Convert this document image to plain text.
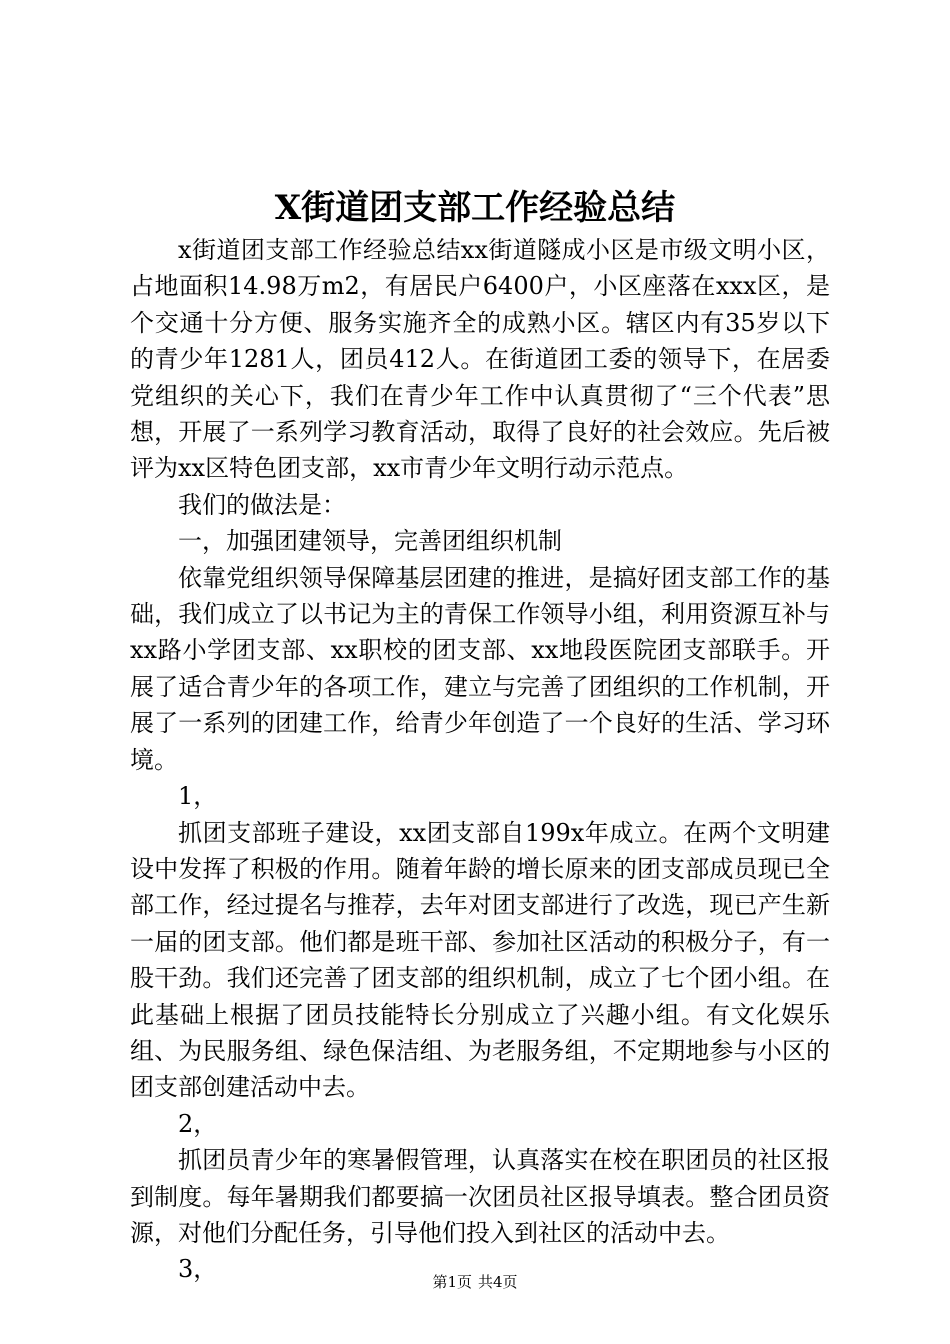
X街道团支部工作经验总结

x街道团支部工作经验总结xx街道隧成小区是市级文明小区，占地面积14.98万m2，有居民户6400户，小区座落在xxx区，是个交通十分方便、服务实施齐全的成熟小区。辖区内有35岁以下的青少年1281人，团员412人。在街道团工委的领导下，在居委党组织的关心下，我们在青少年工作中认真贯彻了“三个代表”思想，开展了一系列学习教育活动，取得了良好的社会效应。先后被评为xx区特色团支部，xx市青少年文明行动示范点。

我们的做法是：

一，加强团建领导，完善团组织机制

依靠党组织领导保障基层团建的推进，是搞好团支部工作的基础，我们成立了以书记为主的青保工作领导小组，利用资源互补与xx路小学团支部、xx职校的团支部、xx地段医院团支部联手。开展了适合青少年的各项工作，建立与完善了团组织的工作机制，开展了一系列的团建工作，给青少年创造了一个良好的生活、学习环境。

1，

抓团支部班子建设，xx团支部自199x年成立。在两个文明建设中发挥了积极的作用。随着年龄的增长原来的团支部成员现已全部工作，经过提名与推荐，去年对团支部进行了改选，现已产生新一届的团支部。他们都是班干部、参加社区活动的积极分子，有一股干劲。我们还完善了团支部的组织机制，成立了七个团小组。在此基础上根据了团员技能特长分别成立了兴趣小组。有文化娱乐组、为民服务组、绿色保洁组、为老服务组，不定期地参与小区的团支部创建活动中去。

2，

抓团员青少年的寒暑假管理，认真落实在校在职团员的社区报到制度。每年暑期我们都要搞一次团员社区报导填表。整合团员资源，对他们分配任务，引导他们投入到社区的活动中去。

3，	第1页 共4页
